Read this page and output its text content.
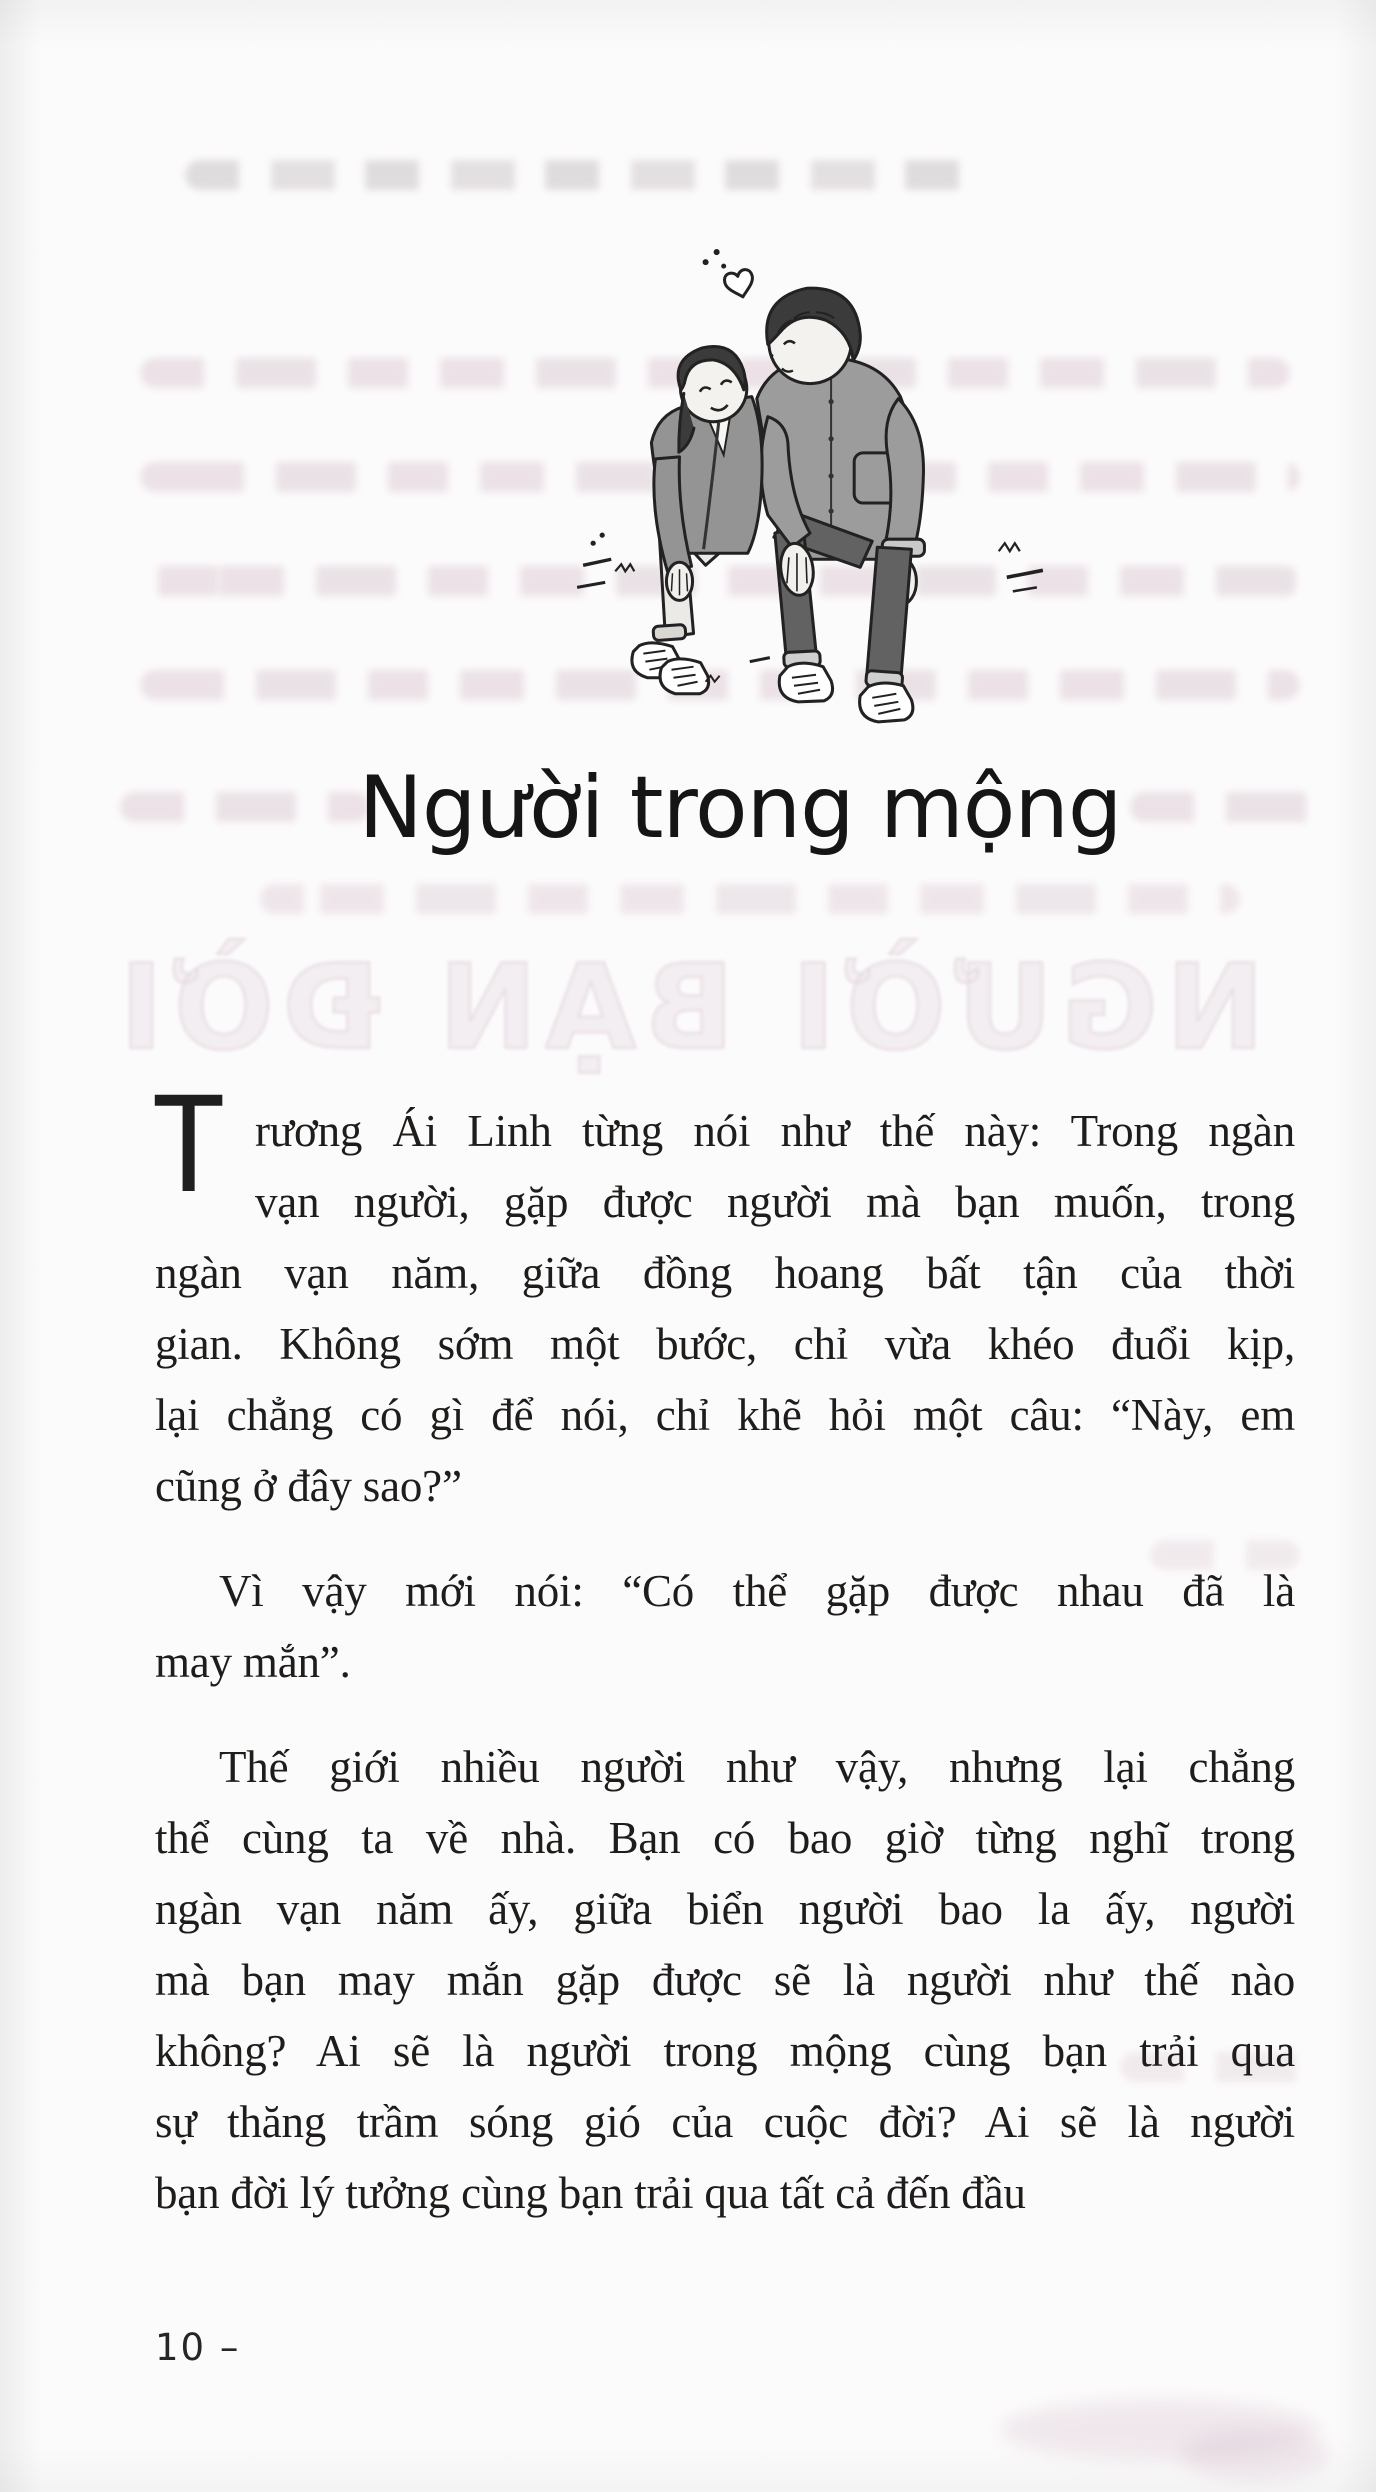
NGƯỜI BẠN ĐỜI
Người trong mộng
T rương Ái Linh từng nói như thế này: Trong ngàn
vạn người, gặp được người mà bạn muốn, trong
ngàn vạn năm, giữa đồng hoang bất tận của thời
gian. Không sớm một bước, chỉ vừa khéo đuổi kịp,
lại chẳng có gì để nói, chỉ khẽ hỏi một câu: “Này, em
cũng ở đây sao?”
Vì vậy mới nói: “Có thể gặp được nhau đã là
may mắn”.
Thế giới nhiều người như vậy, nhưng lại chẳng
thể cùng ta về nhà. Bạn có bao giờ từng nghĩ trong
ngàn vạn năm ấy, giữa biển người bao la ấy, người
mà bạn may mắn gặp được sẽ là người như thế nào
không? Ai sẽ là người trong mộng cùng bạn trải qua
sự thăng trầm sóng gió của cuộc đời? Ai sẽ là người
bạn đời lý tưởng cùng bạn trải qua tất cả đến đầu
10 –
